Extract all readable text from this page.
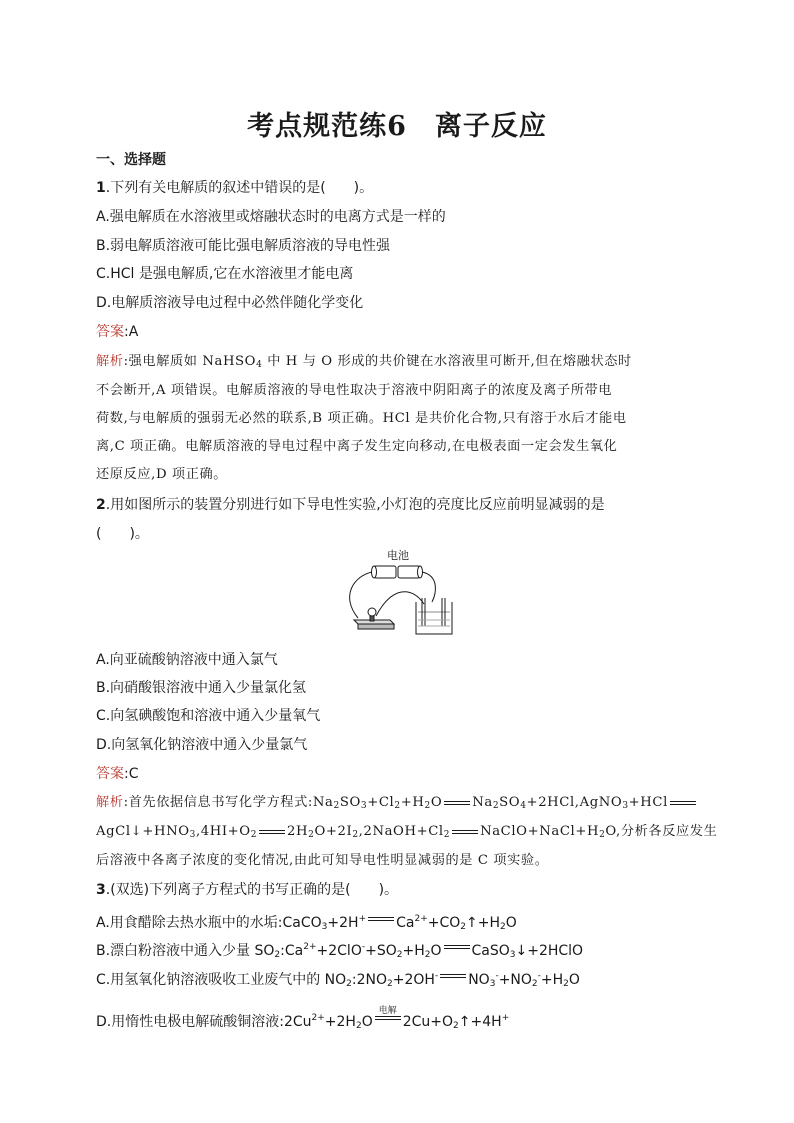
考点规范练6　离子反应
一、选择题
1.下列有关电解质的叙述中错误的是(　　)。
A.强电解质在水溶液里或熔融状态时的电离方式是一样的
B.弱电解质溶液可能比强电解质溶液的导电性强
C.HCl 是强电解质,它在水溶液里才能电离
D.电解质溶液导电过程中必然伴随化学变化
答案:A
解析:强电解质如 NaHSO$_4$ 中 H 与 O 形成的共价键在水溶液里可断开,但在熔融状态时
不会断开,A 项错误。电解质溶液的导电性取决于溶液中阴阳离子的浓度及离子所带电
荷数,与电解质的强弱无必然的联系,B 项正确。HCl 是共价化合物,只有溶于水后才能电
离,C 项正确。电解质溶液的导电过程中离子发生定向移动,在电极表面一定会发生氧化
还原反应,D 项正确。
2.用如图所示的装置分别进行如下导电性实验,小灯泡的亮度比反应前明显减弱的是
(　　)。
电池
A.向亚硫酸钠溶液中通入氯气
B.向硝酸银溶液中通入少量氯化氢
C.向氢碘酸饱和溶液中通入少量氧气
D.向氢氧化钠溶液中通入少量氯气
答案:C
解析:首先依据信息书写化学方程式$:Na_2SO_3+Cl_2+H_2O$ $Na_2SO_4+2HCl,AgNO_3+HCl$
$AgCl↓+HNO_3,4HI+O_2$ $2H_2O+2I_2,2NaOH+Cl_2$ $NaClO+NaCl+H_2O$,分析各反应发生
后溶液中各离子浓度的变化情况,由此可知导电性明显减弱的是 C 项实验。
3.(双选)下列离子方程式的书写正确的是(　　)。
A.用食醋除去热水瓶中的水垢:CaCO$_3$+2H+ $Ca^{2+}+CO_2↑+H_2O$
B.漂白粉溶液中通入少量 $SO_2:Ca^{2+}+2ClO^-+SO_2+H_2O$ CaSO$_3$↓+2HClO
C.用氢氧化钠溶液吸收工业废气中的 $NO_2:2NO_2+2OH^-$ $NO_3^-+NO_2^-+H_2O$
D.用惰性电极电解硫酸铜溶液$:2Cu^{2+}+2H_2O$
电解
$2Cu+O_2↑+4H^+$
